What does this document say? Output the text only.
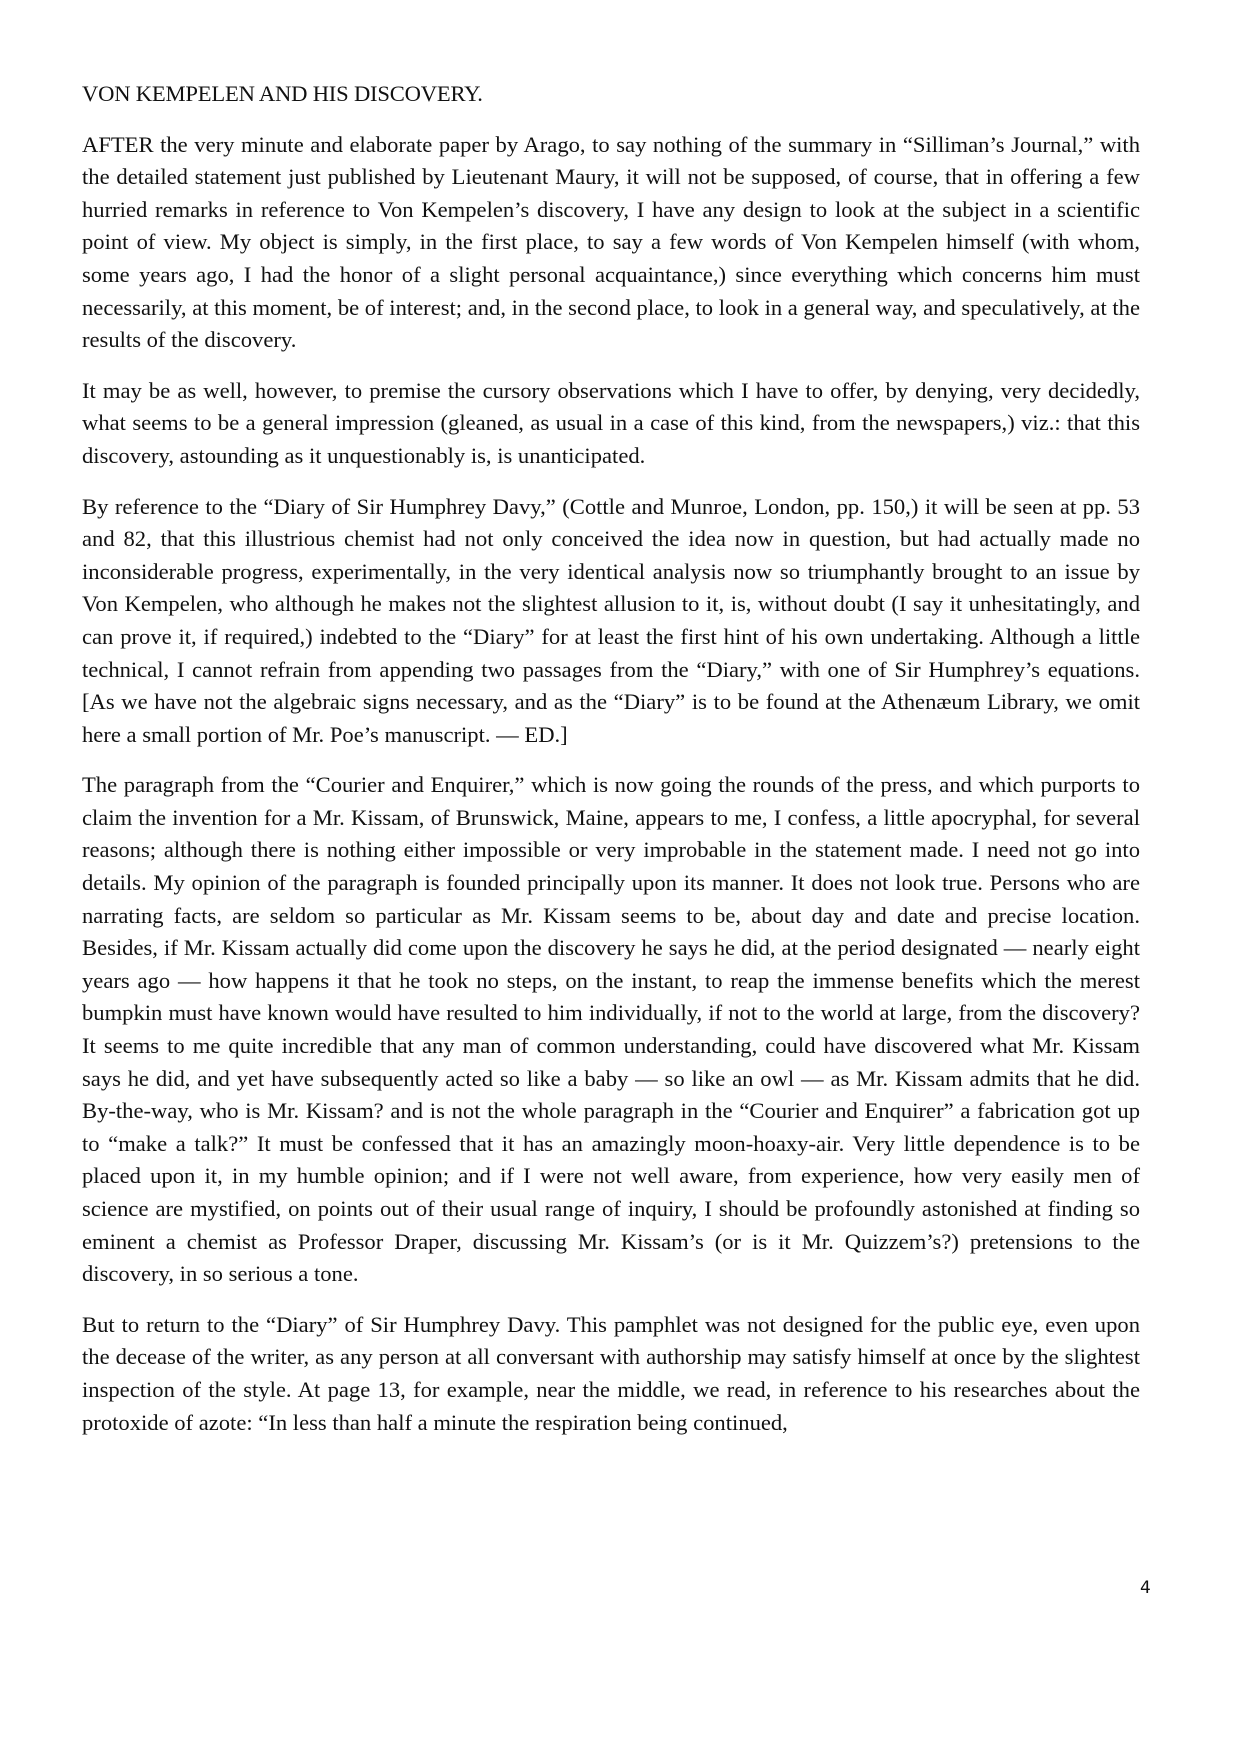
VON KEMPELEN AND HIS DISCOVERY.

AFTER the very minute and elaborate paper by Arago, to say nothing of the summary in “Silliman’s Journal,” with the detailed statement just published by Lieutenant Maury, it will not be supposed, of course, that in offering a few hurried remarks in reference to Von Kempelen’s discovery, I have any design to look at the subject in a scientific point of view. My object is simply, in the first place, to say a few words of Von Kempelen himself (with whom, some years ago, I had the honor of a slight personal acquaintance,) since everything which concerns him must necessarily, at this moment, be of interest; and, in the second place, to look in a general way, and speculatively, at the results of the discovery.

It may be as well, however, to premise the cursory observations which I have to offer, by denying, very decidedly, what seems to be a general impression (gleaned, as usual in a case of this kind, from the newspapers,) viz.: that this discovery, astounding as it unquestionably is, is unanticipated.

By reference to the “Diary of Sir Humphrey Davy,” (Cottle and Munroe, London, pp. 150,) it will be seen at pp. 53 and 82, that this illustrious chemist had not only conceived the idea now in question, but had actually made no inconsiderable progress, experimentally, in the very identical analysis now so triumphantly brought to an issue by Von Kempelen, who although he makes not the slightest allusion to it, is, without doubt (I say it unhesitatingly, and can prove it, if required,) indebted to the “Diary” for at least the first hint of his own undertaking. Although a little technical, I cannot refrain from appending two passages from the “Diary,” with one of Sir Humphrey’s equations. [As we have not the algebraic signs necessary, and as the “Diary” is to be found at the Athenæum Library, we omit here a small portion of Mr. Poe’s manuscript. — ED.]

The paragraph from the “Courier and Enquirer,” which is now going the rounds of the press, and which purports to claim the invention for a Mr. Kissam, of Brunswick, Maine, appears to me, I confess, a little apocryphal, for several reasons; although there is nothing either impossible or very improbable in the statement made. I need not go into details. My opinion of the paragraph is founded principally upon its manner. It does not look true. Persons who are narrating facts, are seldom so particular as Mr. Kissam seems to be, about day and date and precise location. Besides, if Mr. Kissam actually did come upon the discovery he says he did, at the period designated — nearly eight years ago — how happens it that he took no steps, on the instant, to reap the immense benefits which the merest bumpkin must have known would have resulted to him individually, if not to the world at large, from the discovery? It seems to me quite incredible that any man of common understanding, could have discovered what Mr. Kissam says he did, and yet have subsequently acted so like a baby — so like an owl — as Mr. Kissam admits that he did. By-the-way, who is Mr. Kissam? and is not the whole paragraph in the “Courier and Enquirer” a fabrication got up to “make a talk?” It must be confessed that it has an amazingly moon-hoaxy-air. Very little dependence is to be placed upon it, in my humble opinion; and if I were not well aware, from experience, how very easily men of science are mystified, on points out of their usual range of inquiry, I should be profoundly astonished at finding so eminent a chemist as Professor Draper, discussing Mr. Kissam’s (or is it Mr. Quizzem’s?) pretensions to the discovery, in so serious a tone.

But to return to the “Diary” of Sir Humphrey Davy. This pamphlet was not designed for the public eye, even upon the decease of the writer, as any person at all conversant with authorship may satisfy himself at once by the slightest inspection of the style. At page 13, for example, near the middle, we read, in reference to his researches about the protoxide of azote: “In less than half a minute the respiration being continued,

4
